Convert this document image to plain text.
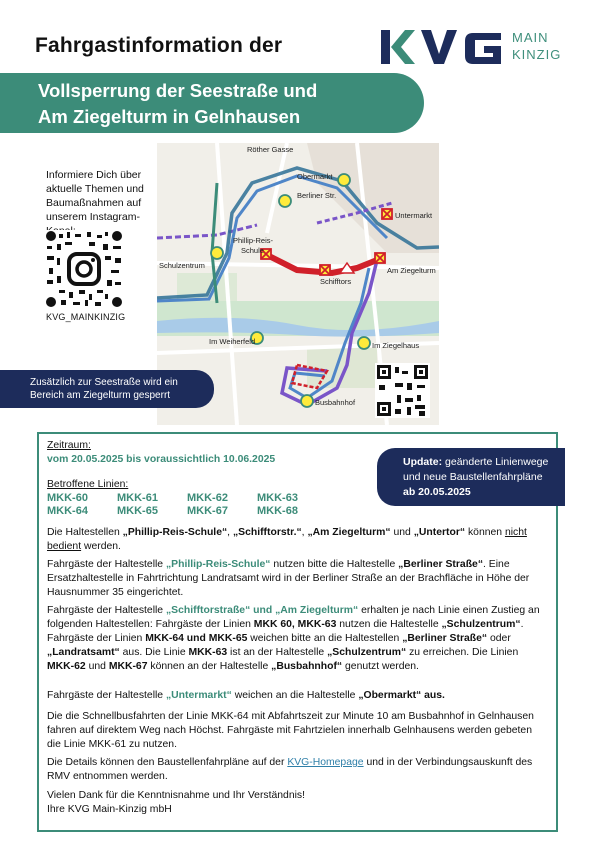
Fahrgastinformation der	MAIN
KINZIG
Vollsperrung der Seestraße und
Am Ziegelturm in Gelnhausen
Informiere Dich über aktuelle Themen und Baumaßnahmen auf unserem Instagram-
KVG_MAINKINZIG
Röther Gasse
Obermarkt
Berliner Str.
Untermarkt
Phillip-Reis-
Schule
Schulzentrum
Schifftors
Am Ziegelturm
Im Weiherfeld	Im Ziegelhaus
Busbahnhof
Zusätzlich zur Seestraße wird ein
Bereich am Ziegelturm gesperrt
Update: geänderte Linienwege und neue Baustellenfahrpläne
ab 20.05.2025
Zeitraum:
vom 20.05.2025 bis voraussichtlich 10.06.2025
Betroffene Linien:
MKK-60	MKK-61	MKK-62	MKK-63
MKK-64	MKK-65	MKK-67	MKK-68
Die Haltestellen „Phillip-Reis-Schule“, „Schifftorstr.“, „Am Ziegelturm“ und „Untertor“ können nicht bedient werden.
Fahrgäste der Haltestelle „Phillip-Reis-Schule“ nutzen bitte die Haltestelle „Berliner Straße“. Eine Ersatzhaltestelle in Fahrtrichtung Landratsamt wird in der Berliner Straße an der Brachfläche in Höhe der Hausnummer 35 eingerichtet.
Fahrgäste der Haltestelle „Schifftorstraße“ und „Am Ziegelturm“ erhalten je nach Linie einen Zustieg an folgenden Haltestellen: Fahrgäste der Linien MKK 60, MKK-63 nutzen die Haltestelle „Schulzentrum“. Fahrgäste der Linien MKK-64 und MKK-65 weichen bitte an die Haltestellen „Berliner Straße“ oder „Landratsamt“ aus. Die Linie MKK-63 ist an der Haltestelle „Schulzentrum“ zu erreichen. Die Linien MKK-62 und MKK-67 können an der Haltestelle „Busbahnhof“ genutzt werden.
Fahrgäste der Haltestelle „Untermarkt“ weichen an die Haltestelle „Obermarkt“ aus.
Die die Schnellbusfahrten der Linie MKK-64 mit Abfahrtszeit zur Minute 10 am Busbahnhof in Gelnhausen fahren auf direktem Weg nach Höchst. Fahrgäste mit Fahrtzielen innerhalb Gelnhausens werden gebeten die Linie MKK-61 zu nutzen.
Die Details können den Baustellenfahrpläne auf der KVG-Homepage und in der Verbindungsauskunft des RMV entnommen werden.
Vielen Dank für die Kenntnisnahme und Ihr Verständnis!
Ihre KVG Main-Kinzig mbH
